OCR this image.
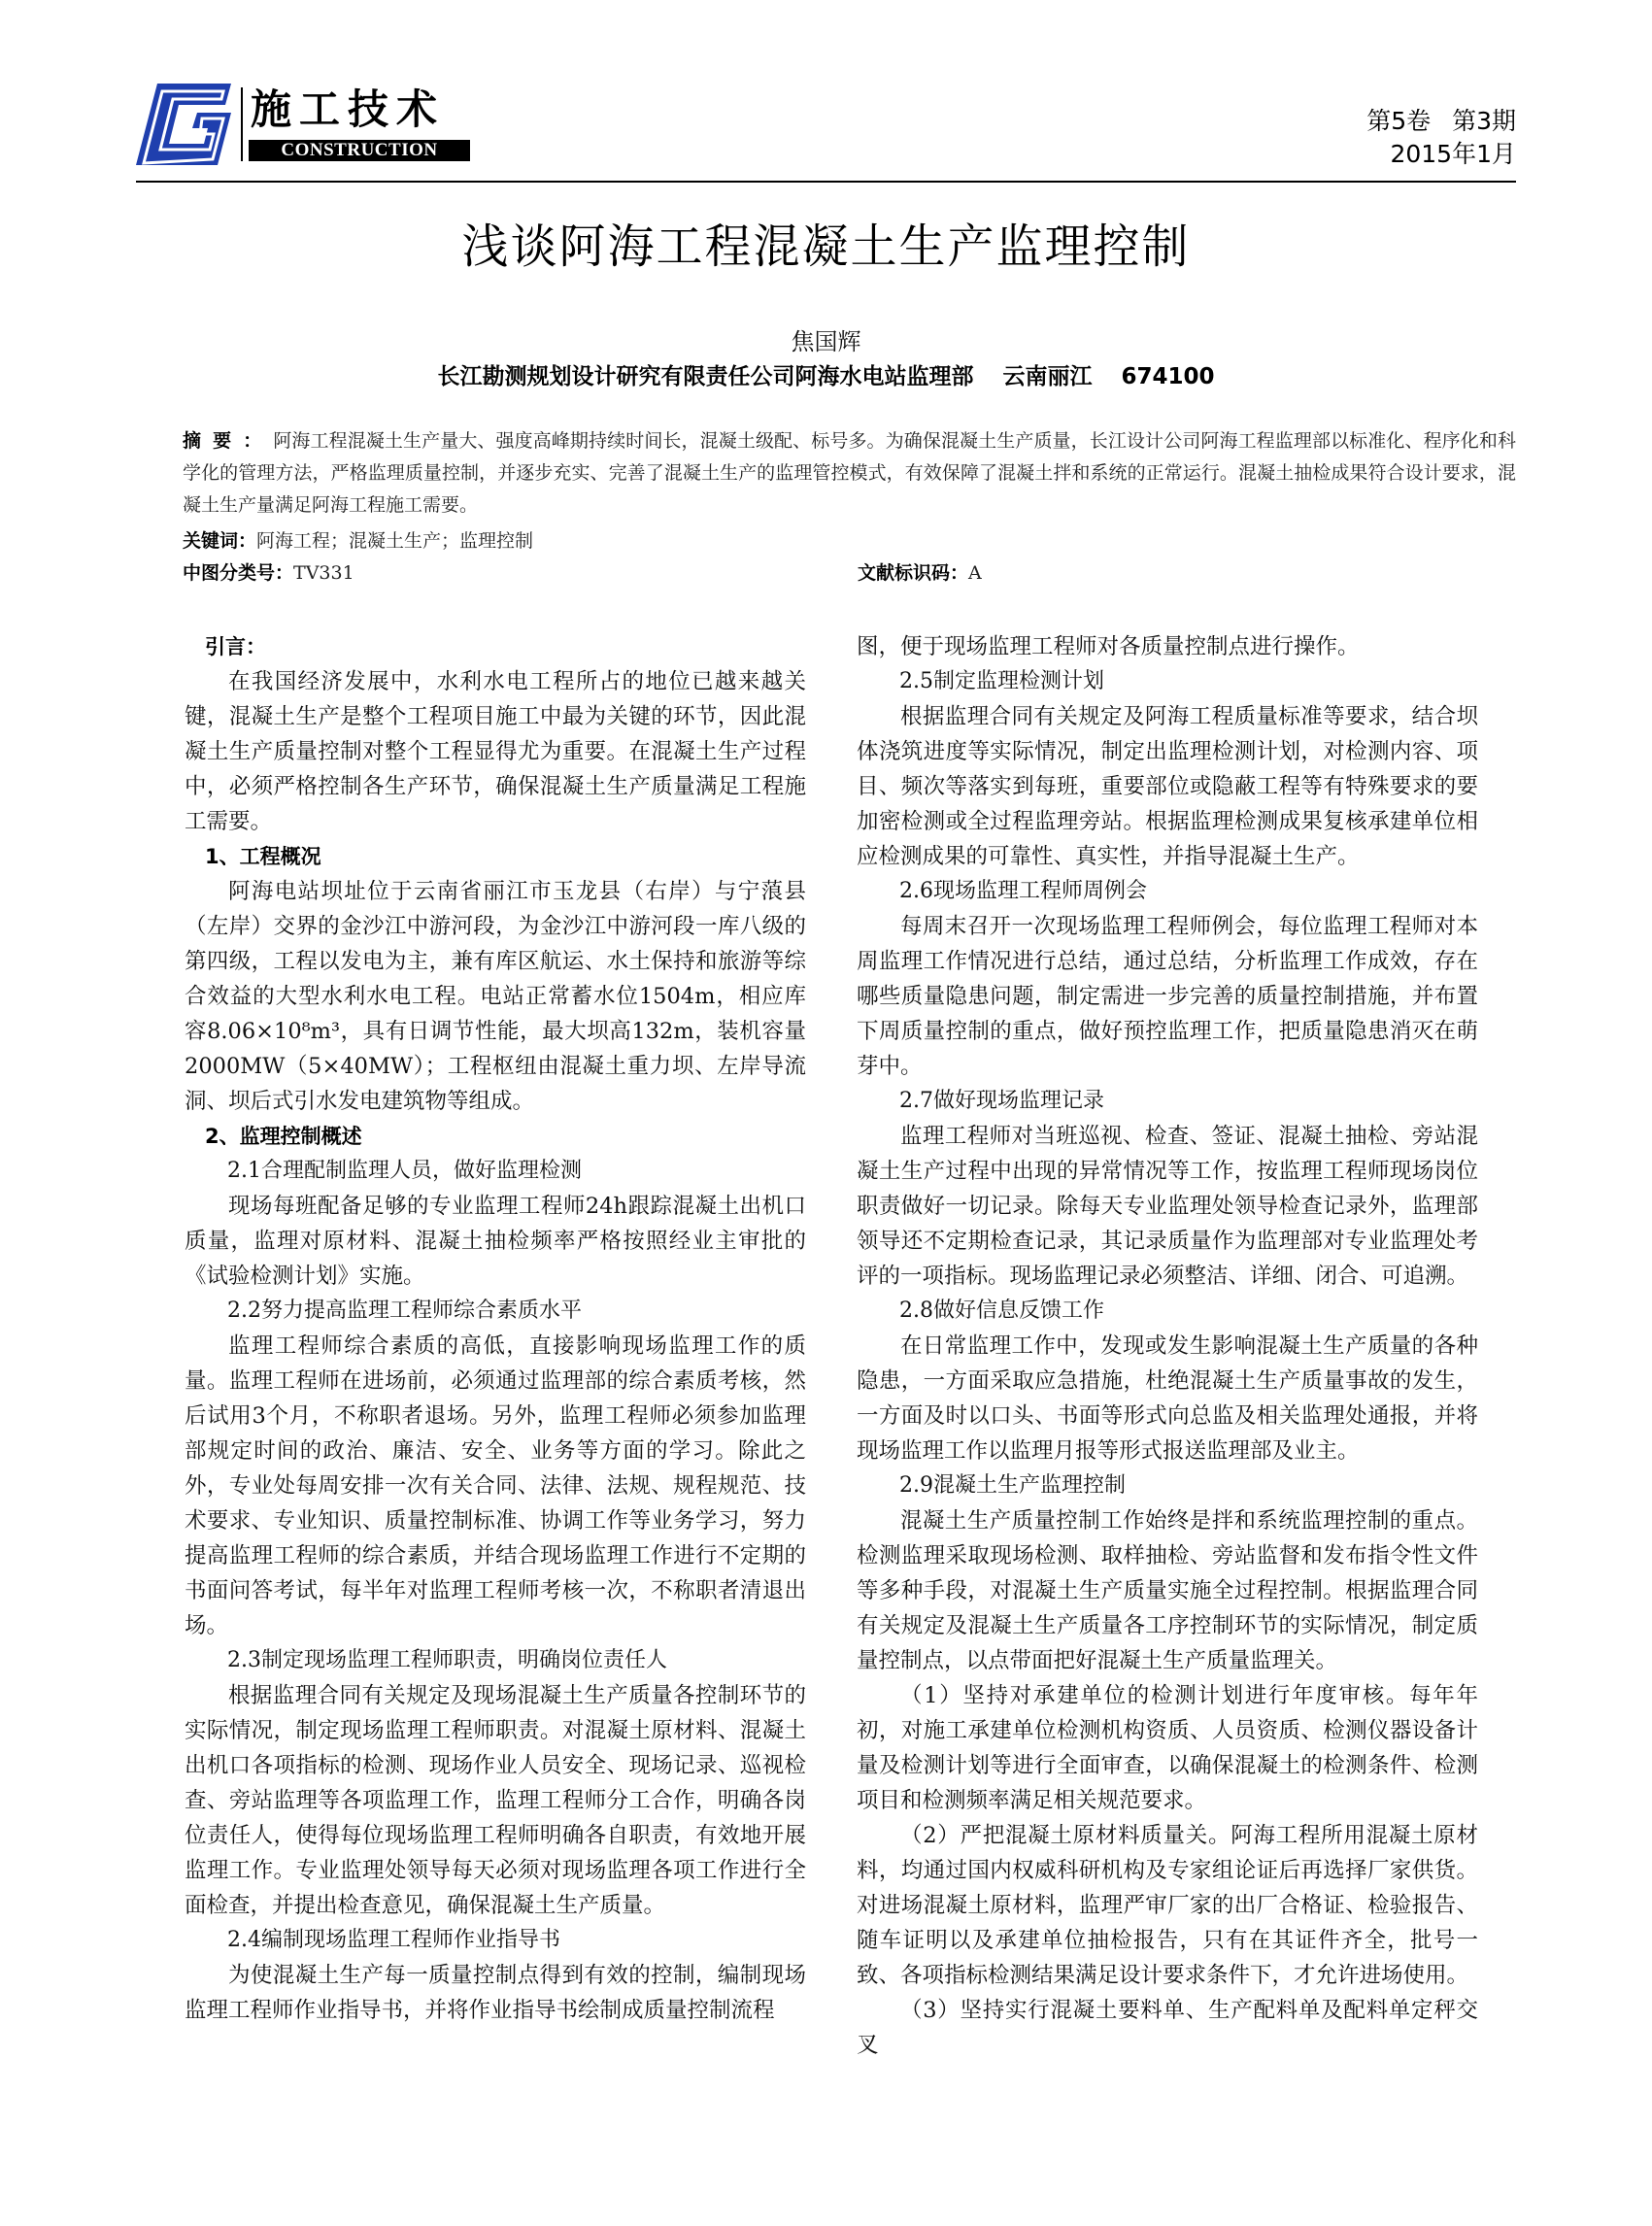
施工技术
CONSTRUCTION
第5卷 第3期
2015年1月
浅谈阿海工程混凝土生产监理控制
焦国辉
长江勘测规划设计研究有限责任公司阿海水电站监理部 云南丽江 674100
摘要：阿海工程混凝土生产量大、强度高峰期持续时间长，混凝土级配、标号多。为确保混凝土生产质量，长江设计公司阿海工程监理部以标准化、程序化和科学化的管理方法，严格监理质量控制，并逐步充实、完善了混凝土生产的监理管控模式，有效保障了混凝土拌和系统的正常运行。混凝土抽检成果符合设计要求，混凝土生产量满足阿海工程施工需要。
关键词：阿海工程；混凝土生产；监理控制
中图分类号：TV331	文献标识码：A

引言：

在我国经济发展中，水利水电工程所占的地位已越来越关键，混凝土生产是整个工程项目施工中最为关键的环节，因此混凝土生产质量控制对整个工程显得尤为重要。在混凝土生产过程中，必须严格控制各生产环节，确保混凝土生产质量满足工程施工需要。

1、工程概况

阿海电站坝址位于云南省丽江市玉龙县（右岸）与宁蒗县（左岸）交界的金沙江中游河段，为金沙江中游河段一库八级的第四级，工程以发电为主，兼有库区航运、水土保持和旅游等综合效益的大型水利水电工程。电站正常蓄水位1504m，相应库容8.06×10⁸m³，具有日调节性能，最大坝高132m，装机容量2000MW（5×40MW）；工程枢纽由混凝土重力坝、左岸导流洞、坝后式引水发电建筑物等组成。

2、监理控制概述

2.1合理配制监理人员，做好监理检测

现场每班配备足够的专业监理工程师24h跟踪混凝土出机口质量，监理对原材料、混凝土抽检频率严格按照经业主审批的《试验检测计划》实施。

2.2努力提高监理工程师综合素质水平

监理工程师综合素质的高低，直接影响现场监理工作的质量。监理工程师在进场前，必须通过监理部的综合素质考核，然后试用3个月，不称职者退场。另外，监理工程师必须参加监理部规定时间的政治、廉洁、安全、业务等方面的学习。除此之外，专业处每周安排一次有关合同、法律、法规、规程规范、技术要求、专业知识、质量控制标准、协调工作等业务学习，努力提高监理工程师的综合素质，并结合现场监理工作进行不定期的书面问答考试，每半年对监理工程师考核一次，不称职者清退出场。

2.3制定现场监理工程师职责，明确岗位责任人

根据监理合同有关规定及现场混凝土生产质量各控制环节的实际情况，制定现场监理工程师职责。对混凝土原材料、混凝土出机口各项指标的检测、现场作业人员安全、现场记录、巡视检查、旁站监理等各项监理工作，监理工程师分工合作，明确各岗位责任人，使得每位现场监理工程师明确各自职责，有效地开展监理工作。专业监理处领导每天必须对现场监理各项工作进行全面检查，并提出检查意见，确保混凝土生产质量。

2.4编制现场监理工程师作业指导书

为使混凝土生产每一质量控制点得到有效的控制，编制现场监理工程师作业指导书，并将作业指导书绘制成质量控制流程

图，便于现场监理工程师对各质量控制点进行操作。

2.5制定监理检测计划

根据监理合同有关规定及阿海工程质量标准等要求，结合坝体浇筑进度等实际情况，制定出监理检测计划，对检测内容、项目、频次等落实到每班，重要部位或隐蔽工程等有特殊要求的要加密检测或全过程监理旁站。根据监理检测成果复核承建单位相应检测成果的可靠性、真实性，并指导混凝土生产。

2.6现场监理工程师周例会

每周末召开一次现场监理工程师例会，每位监理工程师对本周监理工作情况进行总结，通过总结，分析监理工作成效，存在哪些质量隐患问题，制定需进一步完善的质量控制措施，并布置下周质量控制的重点，做好预控监理工作，把质量隐患消灭在萌芽中。

2.7做好现场监理记录

监理工程师对当班巡视、检查、签证、混凝土抽检、旁站混凝土生产过程中出现的异常情况等工作，按监理工程师现场岗位职责做好一切记录。除每天专业监理处领导检查记录外，监理部领导还不定期检查记录，其记录质量作为监理部对专业监理处考评的一项指标。现场监理记录必须整洁、详细、闭合、可追溯。

2.8做好信息反馈工作

在日常监理工作中，发现或发生影响混凝土生产质量的各种隐患，一方面采取应急措施，杜绝混凝土生产质量事故的发生，一方面及时以口头、书面等形式向总监及相关监理处通报，并将现场监理工作以监理月报等形式报送监理部及业主。

2.9混凝土生产监理控制

混凝土生产质量控制工作始终是拌和系统监理控制的重点。检测监理采取现场检测、取样抽检、旁站监督和发布指令性文件等多种手段，对混凝土生产质量实施全过程控制。根据监理合同有关规定及混凝土生产质量各工序控制环节的实际情况，制定质量控制点，以点带面把好混凝土生产质量监理关。

（1）坚持对承建单位的检测计划进行年度审核。每年年初，对施工承建单位检测机构资质、人员资质、检测仪器设备计量及检测计划等进行全面审查，以确保混凝土的检测条件、检测项目和检测频率满足相关规范要求。

（2）严把混凝土原材料质量关。阿海工程所用混凝土原材料，均通过国内权威科研机构及专家组论证后再选择厂家供货。对进场混凝土原材料，监理严审厂家的出厂合格证、检验报告、随车证明以及承建单位抽检报告，只有在其证件齐全，批号一致、各项指标检测结果满足设计要求条件下，才允许进场使用。

（3）坚持实行混凝土要料单、生产配料单及配料单定秤交叉
